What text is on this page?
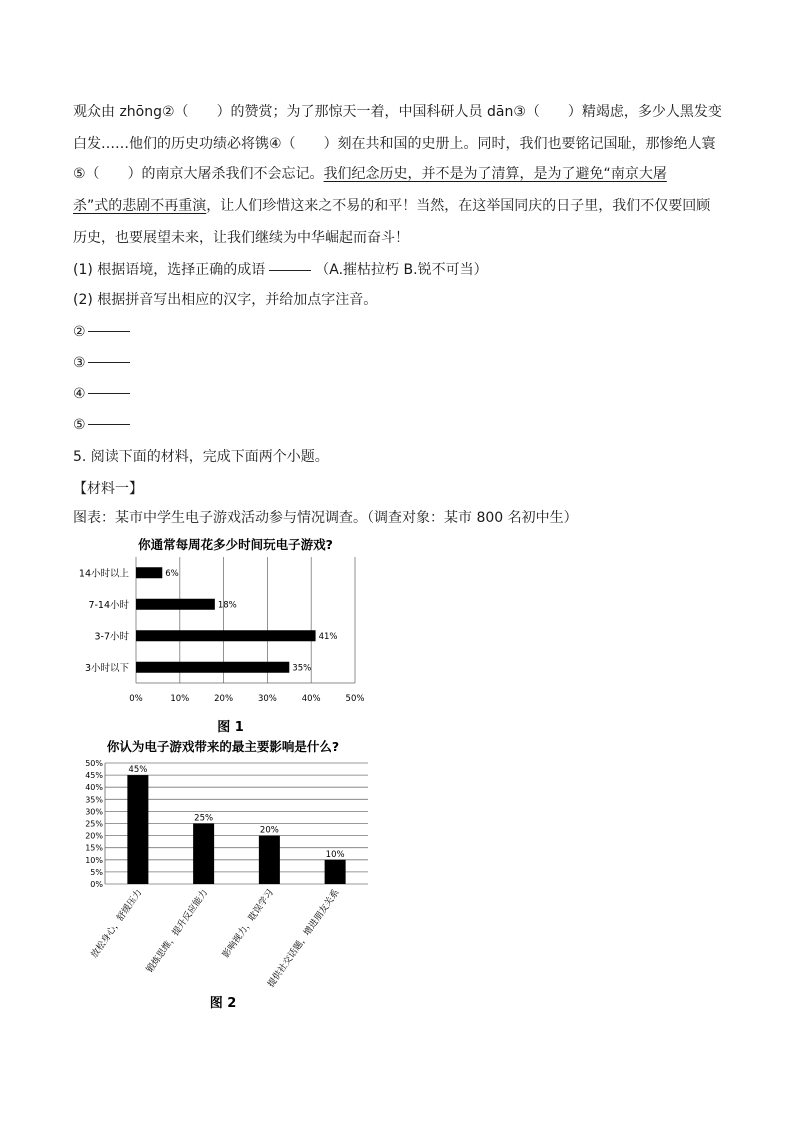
观众由 zhōng②（ ）的赞赏；为了那惊天一着，中国科研人员 dān③（ ）精竭虑，多少人黑发变
白发……他们的历史功绩必将镌④（ ）刻在共和国的史册上。同时，我们也要铭记国耻，那惨绝人寰
⑤（ ）的南京大屠杀我们不会忘记。我们纪念历史，并不是为了清算，是为了避免“南京大屠
杀”式的悲剧不再重演，让人们珍惜这来之不易的和平！当然，在这举国同庆的日子里，我们不仅要回顾
历史，也要展望未来，让我们继续为中华崛起而奋斗！
(1) 根据语境，选择正确的成语	（A.摧枯拉朽 B.锐不可当）
(2) 根据拼音写出相应的汉字，并给加点字注音。
②
③
④
⑤
5. 阅读下面的材料，完成下面两个小题。
【材料一】
图表：某市中学生电子游戏活动参与情况调查。（调查对象：某市 800 名初中生）
你通常每周花多少时间玩电子游戏?
0%	10%	20%	30%	40%	50%
14小时以上	6%
7-14小时	18%
3-7小时	41%
3小时以下	35%
图 1
你认为电子游戏带来的最主要影响是什么?
0%
5%
10%
15%
20%
25%
30%
35%
40%
45%
50%
45%
放松身心，舒缓压力
25%
锻炼思维，提升反应能力
20%
影响视力，耽误学习
10%
提供社交话题，增进朋友关系
图 2
